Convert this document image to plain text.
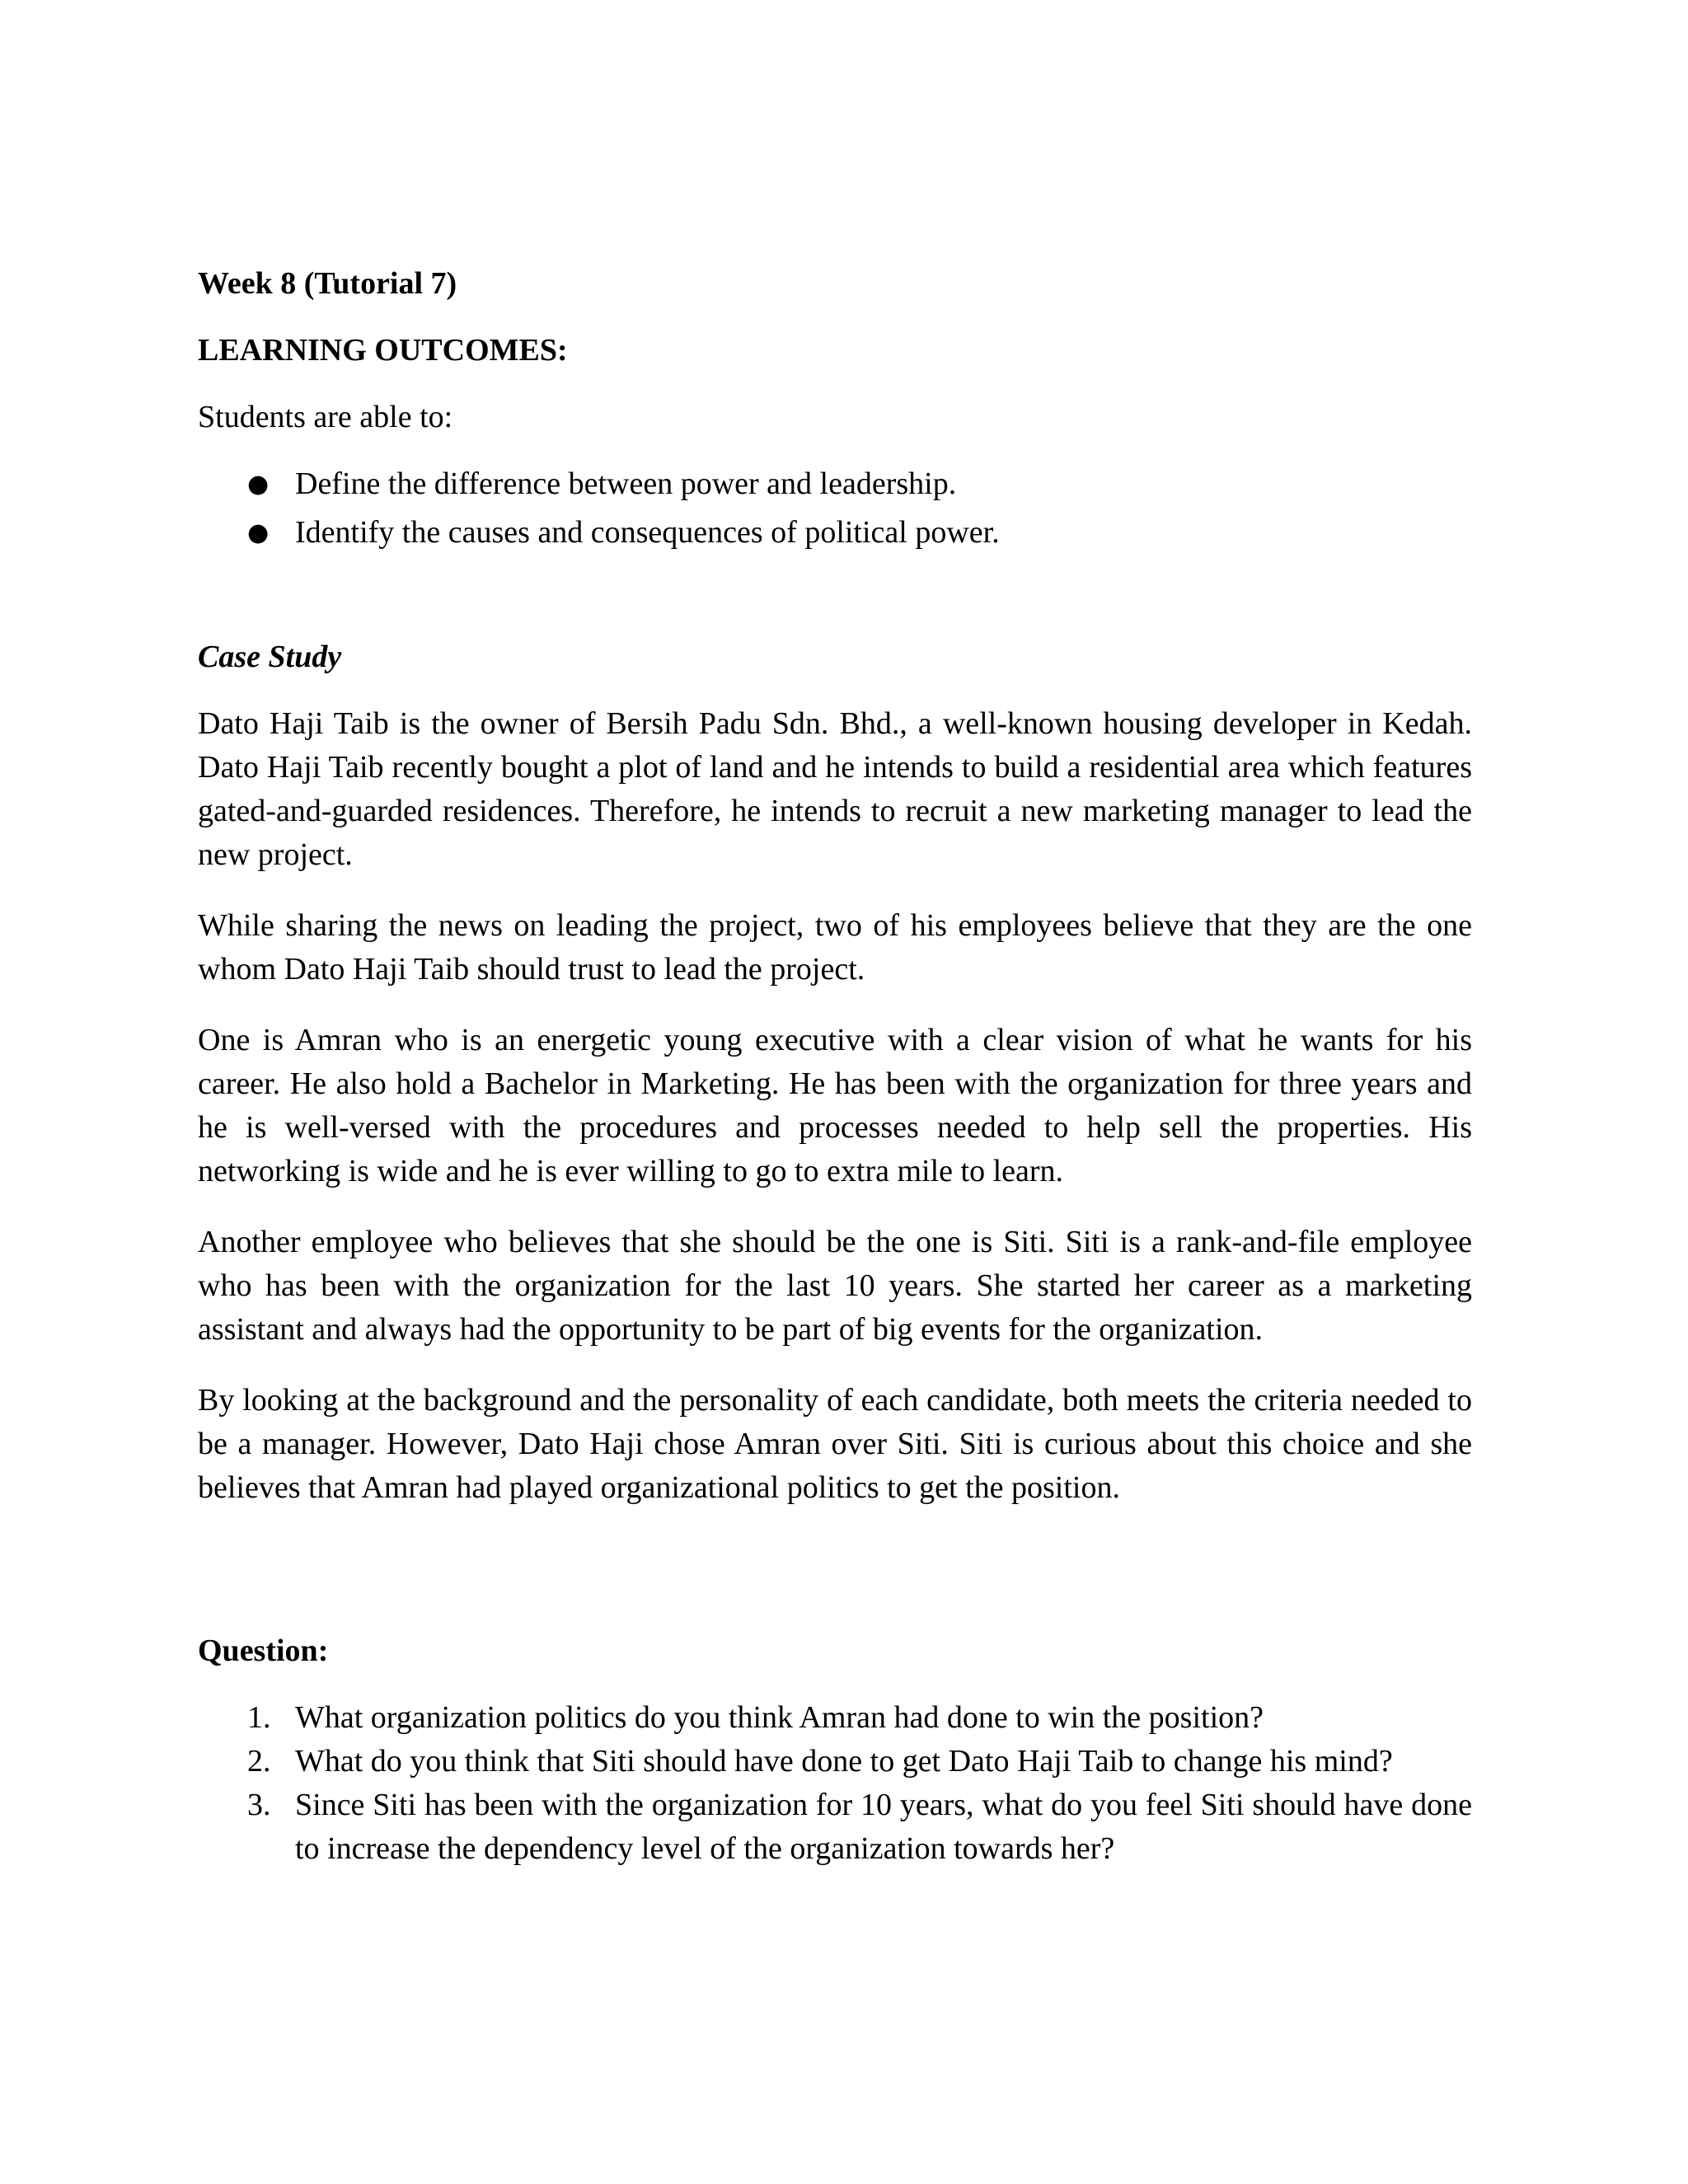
Week 8 (Tutorial 7)
LEARNING OUTCOMES:
Students are able to:
● Define the difference between power and leadership.
● Identify the causes and consequences of political power.
Case Study

Dato Haji Taib is the owner of Bersih Padu Sdn. Bhd., a well-known housing developer in Kedah. Dato Haji Taib recently bought a plot of land and he intends to build a residential area which features gated-and-guarded residences. Therefore, he intends to recruit a new marketing manager to lead the new project.

While sharing the news on leading the project, two of his employees believe that they are the one whom Dato Haji Taib should trust to lead the project.

One is Amran who is an energetic young executive with a clear vision of what he wants for his career. He also hold a Bachelor in Marketing. He has been with the organization for three years and he is well-versed with the procedures and processes needed to help sell the properties. His networking is wide and he is ever willing to go to extra mile to learn.

Another employee who believes that she should be the one is Siti. Siti is a rank-and-file employee who has been with the organization for the last 10 years. She started her career as a marketing assistant and always had the opportunity to be part of big events for the organization.

By looking at the background and the personality of each candidate, both meets the criteria needed to be a manager. However, Dato Haji chose Amran over Siti. Siti is curious about this choice and she believes that Amran had played organizational politics to get the position.

Question:
1. What organization politics do you think Amran had done to win the position?
2. What do you think that Siti should have done to get Dato Haji Taib to change his mind?
3. Since Siti has been with the organization for 10 years, what do you feel Siti should have done to increase the dependency level of the organization towards her?
